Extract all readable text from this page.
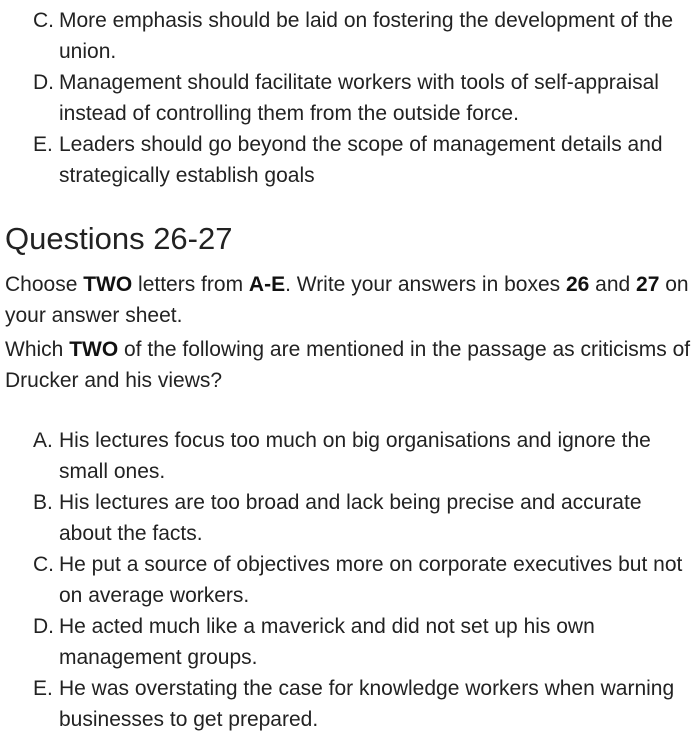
C. More emphasis should be laid on fostering the development of the union.
D. Management should facilitate workers with tools of self-appraisal instead of controlling them from the outside force.
E. Leaders should go beyond the scope of management details and strategically establish goals
Questions 26-27

Choose TWO letters from A-E. Write your answers in boxes 26 and 27 on your answer sheet.

Which TWO of the following are mentioned in the passage as criticisms of Drucker and his views?

A. His lectures focus too much on big organisations and ignore the small ones.
B. His lectures are too broad and lack being precise and accurate about the facts.
C. He put a source of objectives more on corporate executives but not on average workers.
D. He acted much like a maverick and did not set up his own management groups.
E. He was overstating the case for knowledge workers when warning businesses to get prepared.
